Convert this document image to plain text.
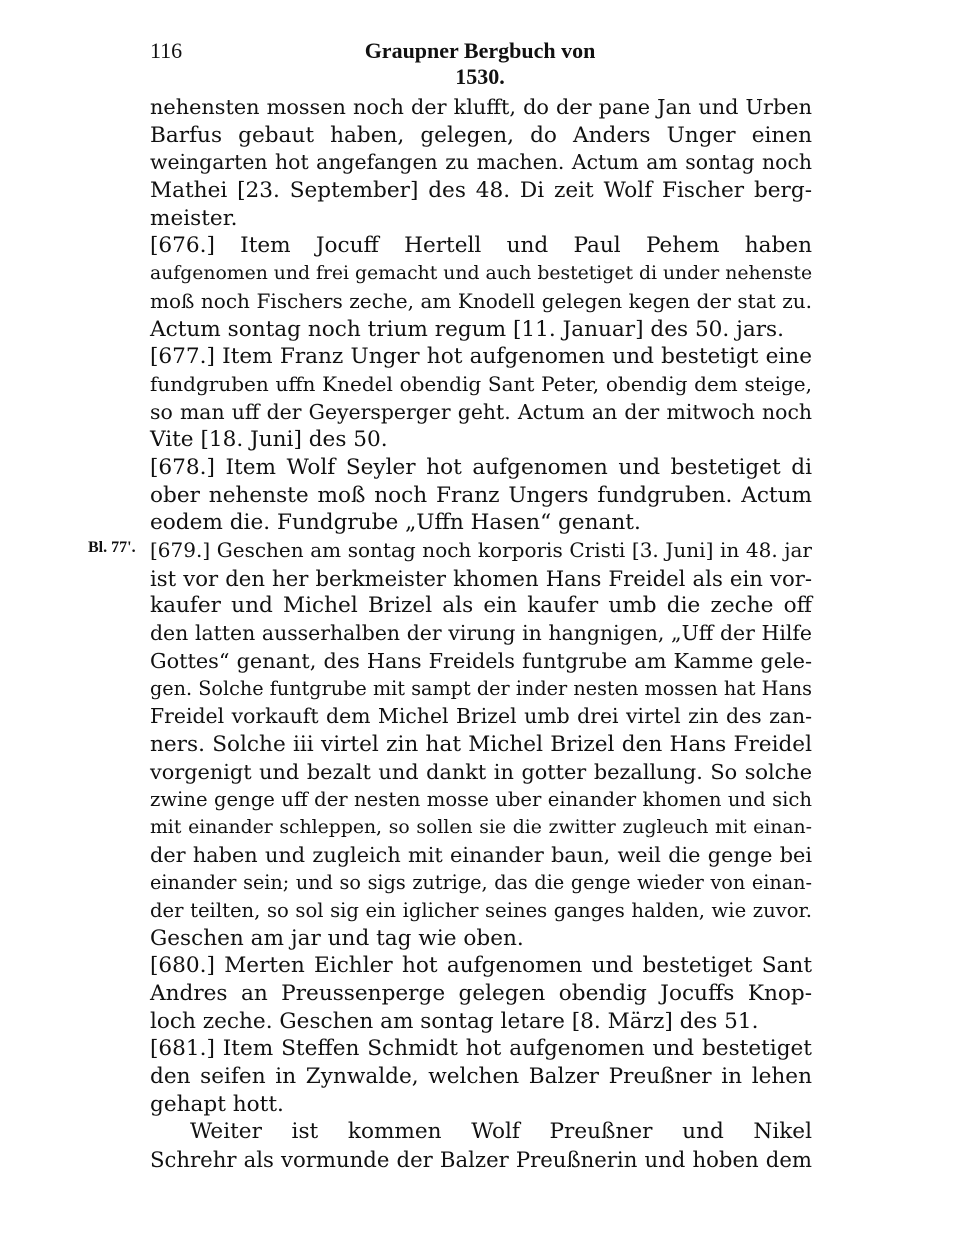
116	Graupner Bergbuch von 1530.
Bl. 77'.
nehensten mossen noch der klufft, do der pane Jan und Urben
Barfus gebaut haben, gelegen, do Anders Unger einen
weingarten hot angefangen zu machen. Actum am sontag noch
Mathei [23. September] des 48. Di zeit Wolf Fischer berg-
meister.
[676.] Item Jocuff Hertell und Paul Pehem haben
aufgenomen und frei gemacht und auch bestetiget di under nehenste
moß noch Fischers zeche, am Knodell gelegen kegen der stat zu.
Actum sontag noch trium regum [11. Januar] des 50. jars.
[677.] Item Franz Unger hot aufgenomen und bestetigt eine
fundgruben uffn Knedel obendig Sant Peter, obendig dem steige,
so man uff der Geyersperger geht. Actum an der mitwoch noch
Vite [18. Juni] des 50.
[678.] Item Wolf Seyler hot aufgenomen und bestetiget di
ober nehenste moß noch Franz Ungers fundgruben. Actum
eodem die. Fundgrube „Uffn Hasen“ genant.
[679.] Geschen am sontag noch korporis Cristi [3. Juni] in 48. jar
ist vor den her berkmeister khomen Hans Freidel als ein vor-
kaufer und Michel Brizel als ein kaufer umb die zeche off
den latten ausserhalben der virung in hangnigen, „Uff der Hilfe
Gottes“ genant, des Hans Freidels funtgrube am Kamme gele-
gen. Solche funtgrube mit sampt der inder nesten mossen hat Hans
Freidel vorkauft dem Michel Brizel umb drei virtel zin des zan-
ners. Solche iii virtel zin hat Michel Brizel den Hans Freidel
vorgenigt und bezalt und dankt in gotter bezallung. So solche
zwine genge uff der nesten mosse uber einander khomen und sich
mit einander schleppen, so sollen sie die zwitter zugleuch mit einan-
der haben und zugleich mit einander baun, weil die genge bei
einander sein; und so sigs zutrige, das die genge wieder von einan-
der teilten, so sol sig ein iglicher seines ganges halden, wie zuvor.
Geschen am jar und tag wie oben.
[680.] Merten Eichler hot aufgenomen und bestetiget Sant
Andres an Preussenperge gelegen obendig Jocuffs Knop-
loch zeche. Geschen am sontag letare [8. März] des 51.
[681.] Item Steffen Schmidt hot aufgenomen und bestetiget
den seifen in Zynwalde, welchen Balzer Preußner in lehen
gehapt hott.
Weiter ist kommen Wolf Preußner und Nikel
Schrehr als vormunde der Balzer Preußnerin und hoben dem
